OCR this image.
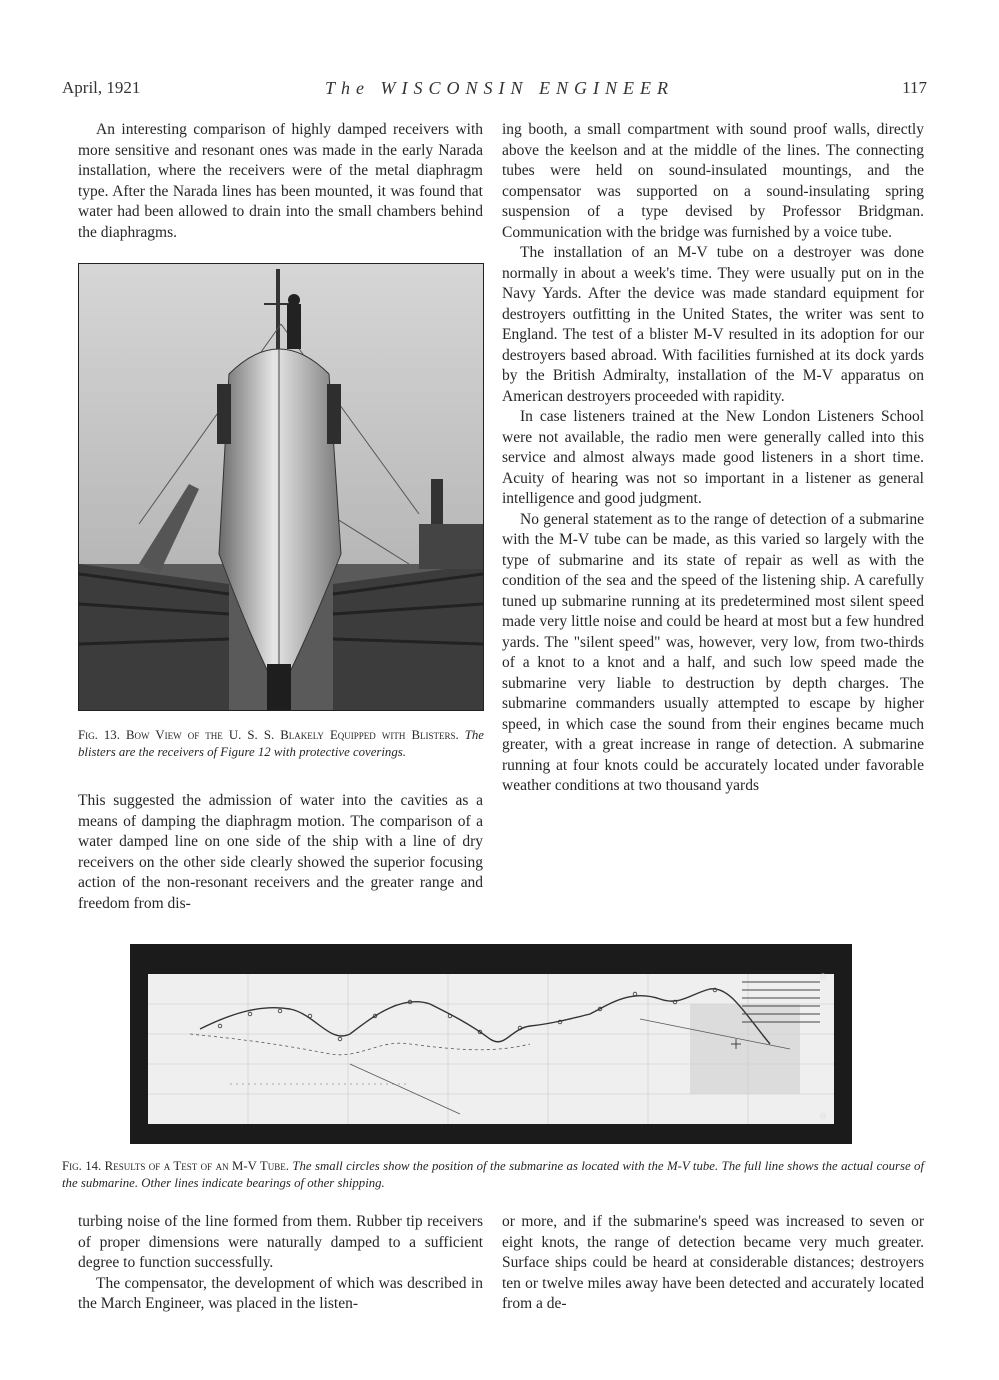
April, 1921	The WISCONSIN ENGINEER	117

An interesting comparison of highly damped receivers with more sensitive and resonant ones was made in the early Narada installation, where the receivers were of the metal diaphragm type. After the Narada lines has been mounted, it was found that water had been allowed to drain into the small chambers behind the diaphragms.

Fig. 13. Bow View of the U. S. S. Blakely Equipped with Blisters. The blisters are the receivers of Figure 12 with protective coverings.

This suggested the admission of water into the cavities as a means of damping the diaphragm motion. The comparison of a water damped line on one side of the ship with a line of dry receivers on the other side clearly showed the superior focusing action of the non-resonant receivers and the greater range and freedom from dis-

ing booth, a small compartment with sound proof walls, directly above the keelson and at the middle of the lines. The connecting tubes were held on sound-insulated mountings, and the compensator was supported on a sound-insulating spring suspension of a type devised by Professor Bridgman. Communication with the bridge was furnished by a voice tube.

The installation of an M-V tube on a destroyer was done normally in about a week's time. They were usually put on in the Navy Yards. After the device was made standard equipment for destroyers outfitting in the United States, the writer was sent to England. The test of a blister M-V resulted in its adoption for our destroyers based abroad. With facilities furnished at its dock yards by the British Admiralty, installation of the M-V apparatus on American destroyers proceeded with rapidity.

In case listeners trained at the New London Listeners School were not available, the radio men were generally called into this service and almost always made good listeners in a short time. Acuity of hearing was not so important in a listener as general intelligence and good judgment.

No general statement as to the range of detection of a submarine with the M-V tube can be made, as this varied so largely with the type of submarine and its state of repair as well as with the condition of the sea and the speed of the listening ship. A carefully tuned up submarine running at its predetermined most silent speed made very little noise and could be heard at most but a few hundred yards. The "silent speed" was, however, very low, from two-thirds of a knot to a knot and a half, and such low speed made the submarine very liable to destruction by depth charges. The submarine commanders usually attempted to escape by higher speed, in which case the sound from their engines became much greater, with a great increase in range of detection. A submarine running at four knots could be accurately located under favorable weather conditions at two thousand yards

Fig. 14. Results of a Test of an M-V Tube. The small circles show the position of the submarine as located with the M-V tube. The full line shows the actual course of the submarine. Other lines indicate bearings of other shipping.

turbing noise of the line formed from them. Rubber tip receivers of proper dimensions were naturally damped to a sufficient degree to function successfully.

The compensator, the development of which was described in the March Engineer, was placed in the listen-

or more, and if the submarine's speed was increased to seven or eight knots, the range of detection became very much greater. Surface ships could be heard at considerable distances; destroyers ten or twelve miles away have been detected and accurately located from a de-
